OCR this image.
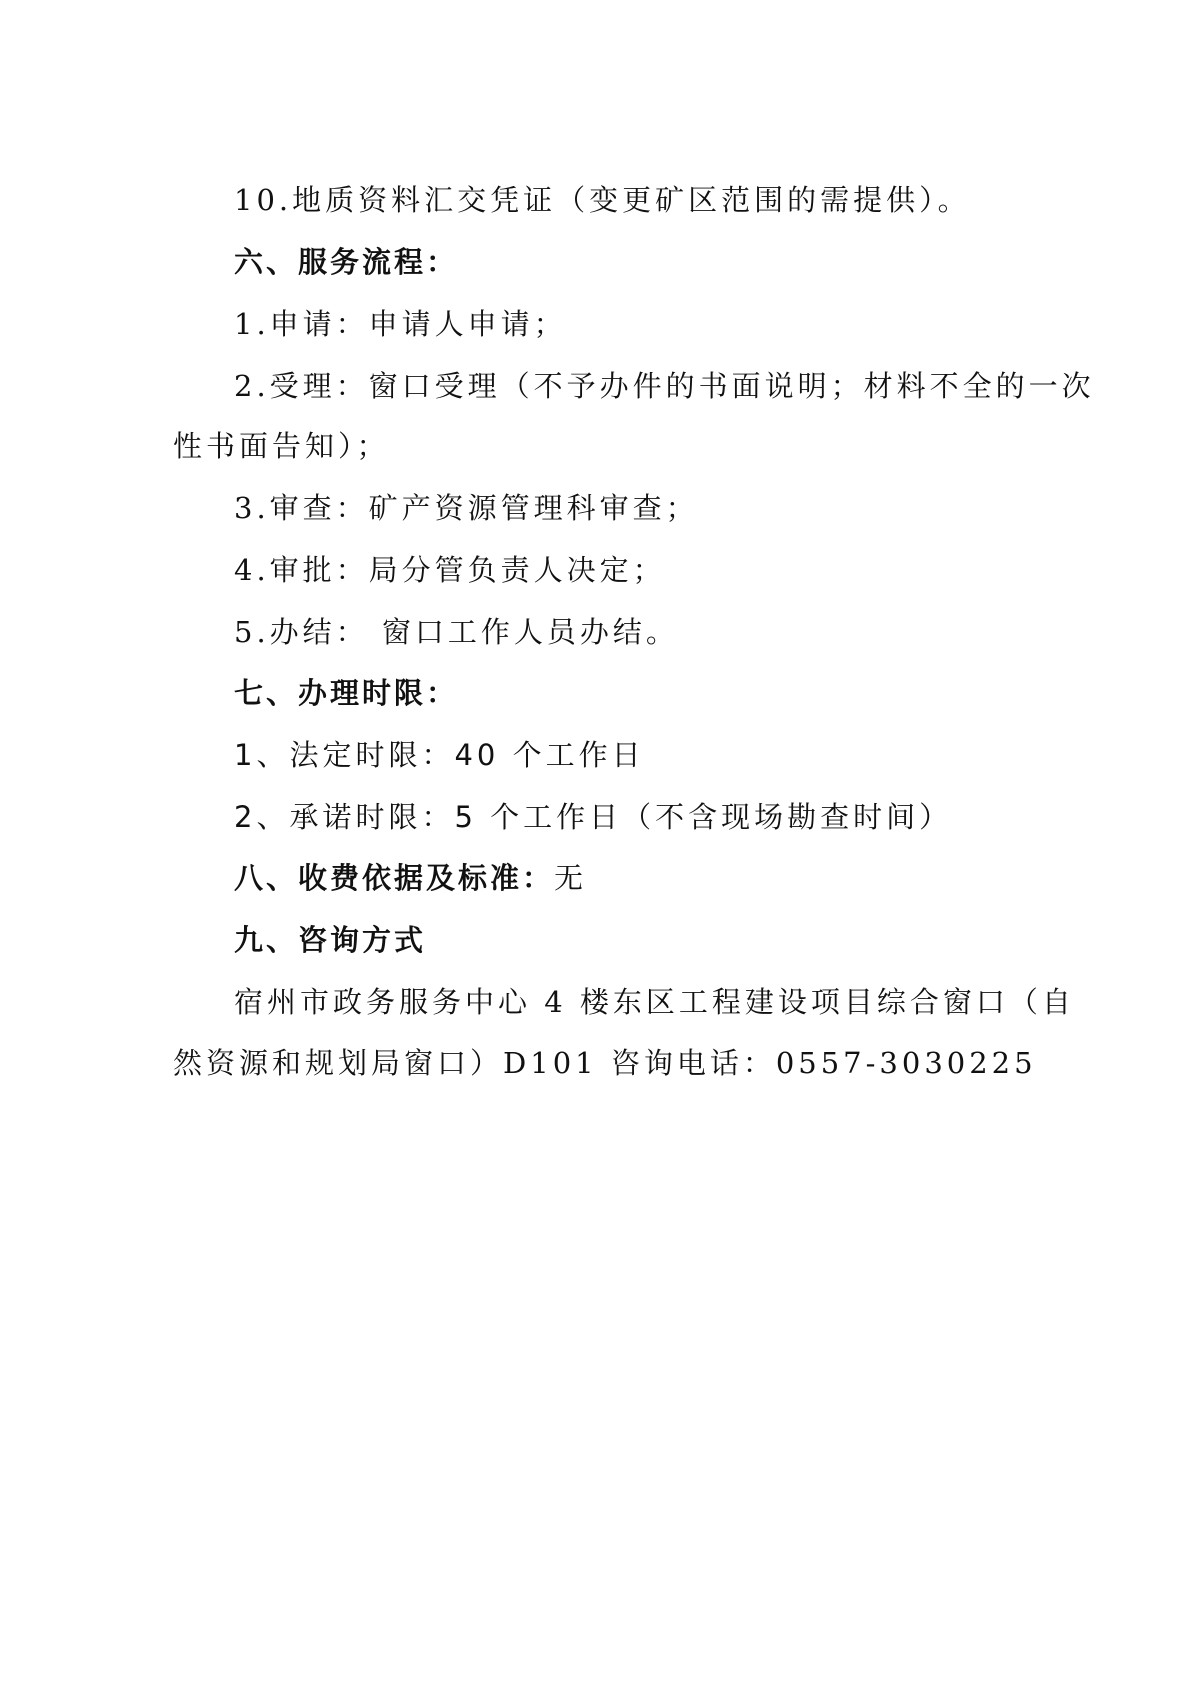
10.地质资料汇交凭证（变更矿区范围的需提供）。
六、服务流程：
1.申请：申请人申请；
2.受理：窗口受理（不予办件的书面说明；材料不全的一次
性书面告知）；
3.审查：矿产资源管理科审查；
4.审批：局分管负责人决定；
5.办结： 窗口工作人员办结。
七、办理时限：
1、法定时限：40 个工作日
2、承诺时限：5 个工作日（不含现场勘查时间）
八、收费依据及标准：无
九、咨询方式
宿州市政务服务中心 4 楼东区工程建设项目综合窗口（自
然资源和规划局窗口）D101 咨询电话：0557-3030225
